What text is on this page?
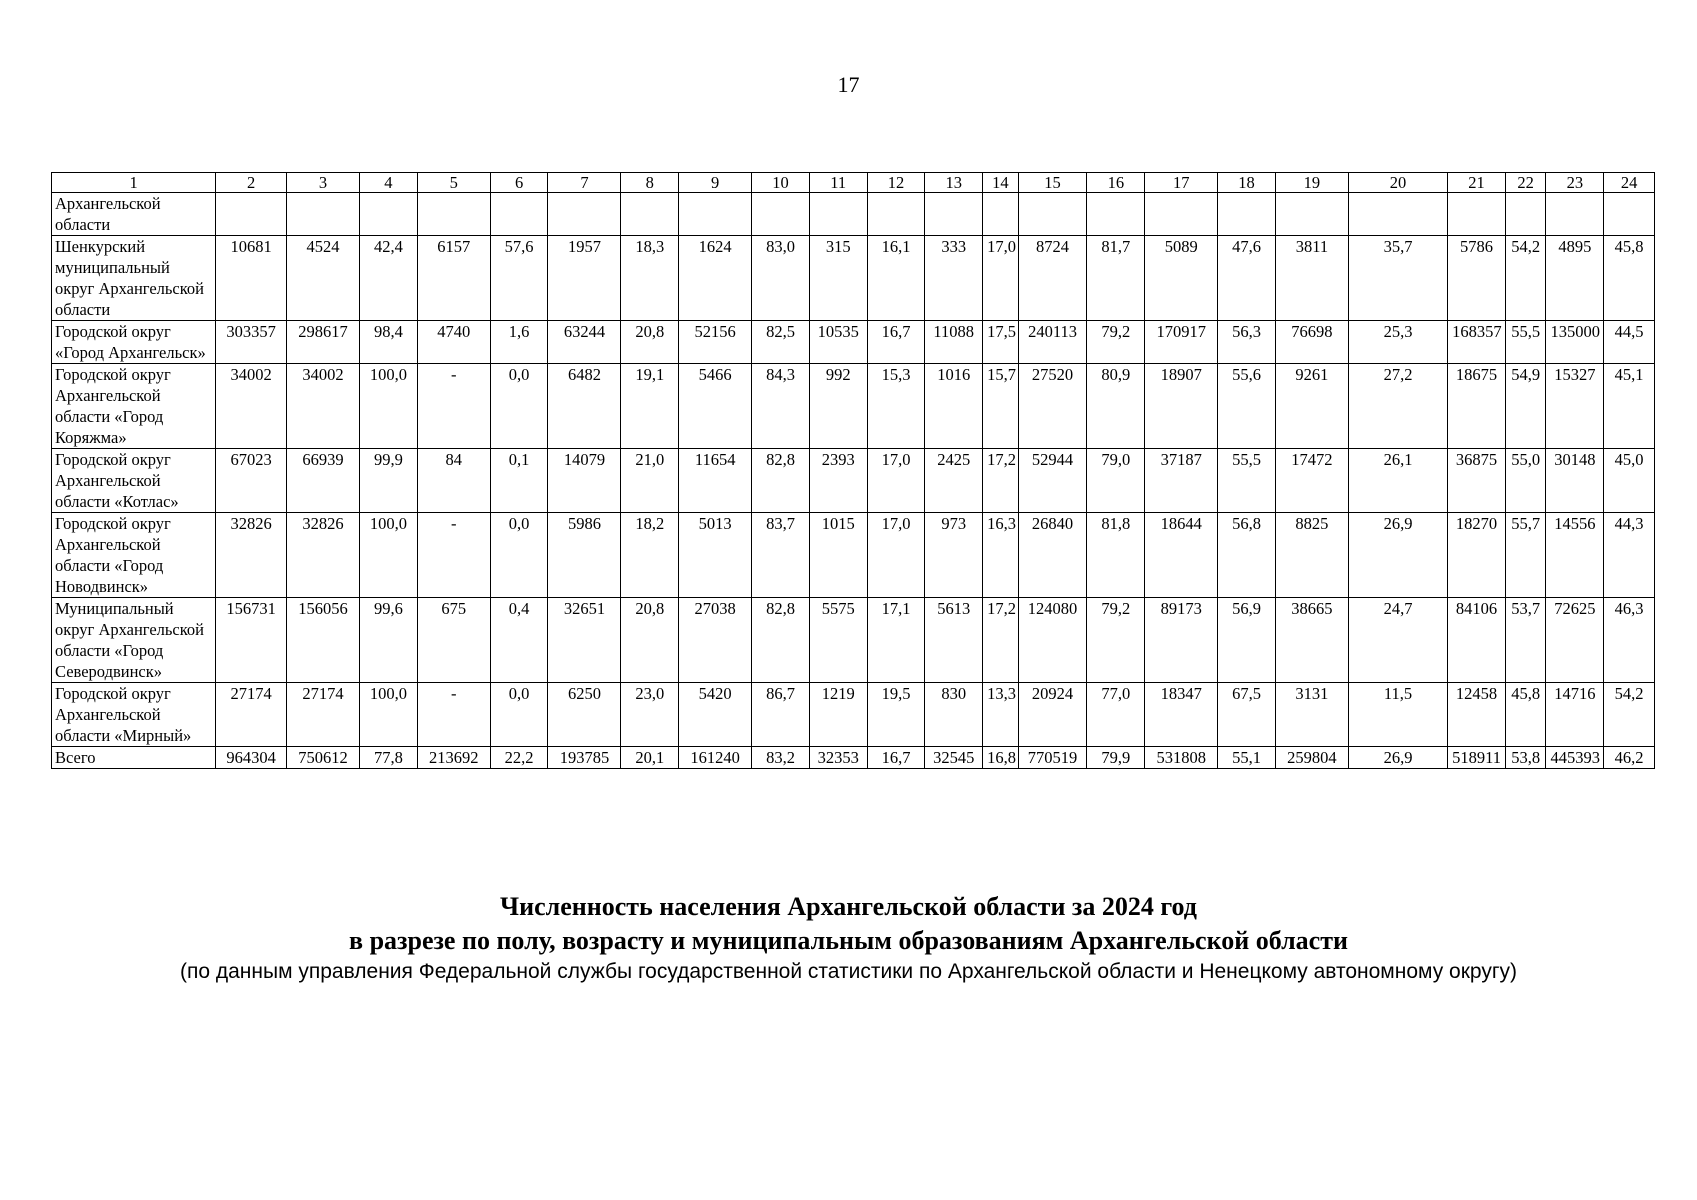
17
1	2	3	4	5	6	7	8	9	10	11	12	13	14	15	16	17	18	19	20	21	22	23	24
Архангельской области																							
Шенкурский муниципальный округ Архангельской области	10681	4524	42,4	6157	57,6	1957	18,3	1624	83,0	315	16,1	333	17,0	8724	81,7	5089	47,6	3811	35,7	5786	54,2	4895	45,8
Городской округ «Город Архангельск»	303357	298617	98,4	4740	1,6	63244	20,8	52156	82,5	10535	16,7	11088	17,5	240113	79,2	170917	56,3	76698	25,3	168357	55,5	135000	44,5
Городской округ Архангельской области «Город Коряжма»	34002	34002	100,0	-	0,0	6482	19,1	5466	84,3	992	15,3	1016	15,7	27520	80,9	18907	55,6	9261	27,2	18675	54,9	15327	45,1
Городской округ Архангельской области «Котлас»	67023	66939	99,9	84	0,1	14079	21,0	11654	82,8	2393	17,0	2425	17,2	52944	79,0	37187	55,5	17472	26,1	36875	55,0	30148	45,0
Городской округ Архангельской области «Город Новодвинск»	32826	32826	100,0	-	0,0	5986	18,2	5013	83,7	1015	17,0	973	16,3	26840	81,8	18644	56,8	8825	26,9	18270	55,7	14556	44,3
Муниципальный округ Архангельской области «Город Северодвинск»	156731	156056	99,6	675	0,4	32651	20,8	27038	82,8	5575	17,1	5613	17,2	124080	79,2	89173	56,9	38665	24,7	84106	53,7	72625	46,3
Городской округ Архангельской области «Мирный»	27174	27174	100,0	-	0,0	6250	23,0	5420	86,7	1219	19,5	830	13,3	20924	77,0	18347	67,5	3131	11,5	12458	45,8	14716	54,2
Всего	964304	750612	77,8	213692	22,2	193785	20,1	161240	83,2	32353	16,7	32545	16,8	770519	79,9	531808	55,1	259804	26,9	518911	53,8	445393	46,2
Численность населения Архангельской области за 2024 год
в разрезе по полу, возрасту и муниципальным образованиям Архангельской области
(по данным управления Федеральной службы государственной статистики по Архангельской области и Ненецкому автономному округу)
